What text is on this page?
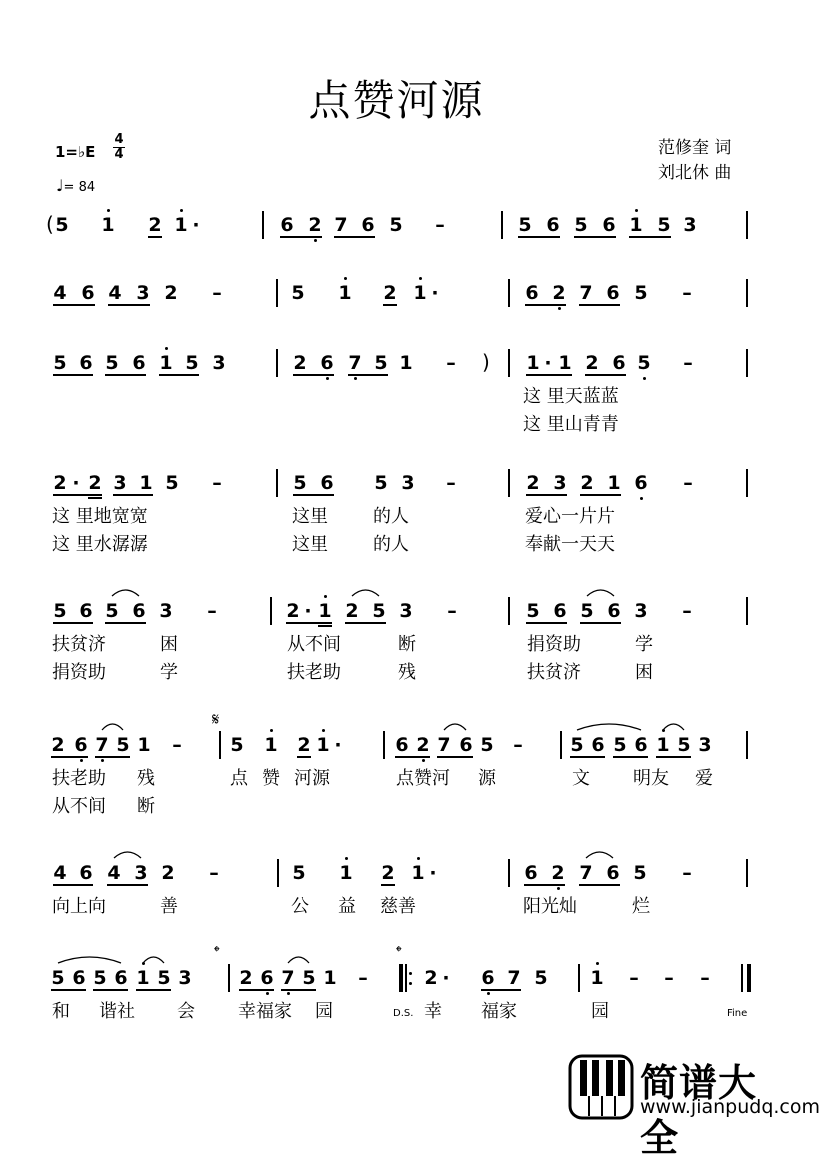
点赞河源
范修奎 词
刘北休 曲
1=♭E
4
4
♩= 84
( 5 1 2 1 ·	6 2 7 6 5 –	5 6 5 6 1 5 3
4 6 4 3 2 –	5 1 2 1 ·	6 2 7 6 5 –
5 6 5 6 1 5 3	2 6 7 5 1 –	1 · 1 2 6 5 –
)
这 里天蓝蓝
这 里山青青
2 · 2 3 1 5 –	5 6 5 3 –	2 3 2 1 6 –
这 里地宽宽	这里	的人	爱心一片片
这 里水潺潺	这里	的人	奉献一天天
5 6 5 6 3 –	2 · 1 2 5 3 –	5 6 5 6 3 –
扶贫济	困	从不间	断	捐资助	学
捐资助	学	扶老助	残	扶贫济	困
2 6 7 5 1 –	5 1 2 1 ·	6 2 7 6 5 –	5 6 5 6 1 5 3
𝄋
扶老助 残	点 赞 河源	点赞河 源	文 明友 爱
从不间 断
4 6 4 3 2 –	5 1 2 1 ·	6 2 7 6 5 –
向上向	善	公 益 慈善	阳光灿	烂
5 6 5 6 1 5 3	2 6 7 5 1 –	2 · 6 7 5 1 – – –
𝄌	𝄌
和 谐社 会 幸福家 园	D.S. 幸 福家	园	Fine
简谱大全
www.jianpudq.com
